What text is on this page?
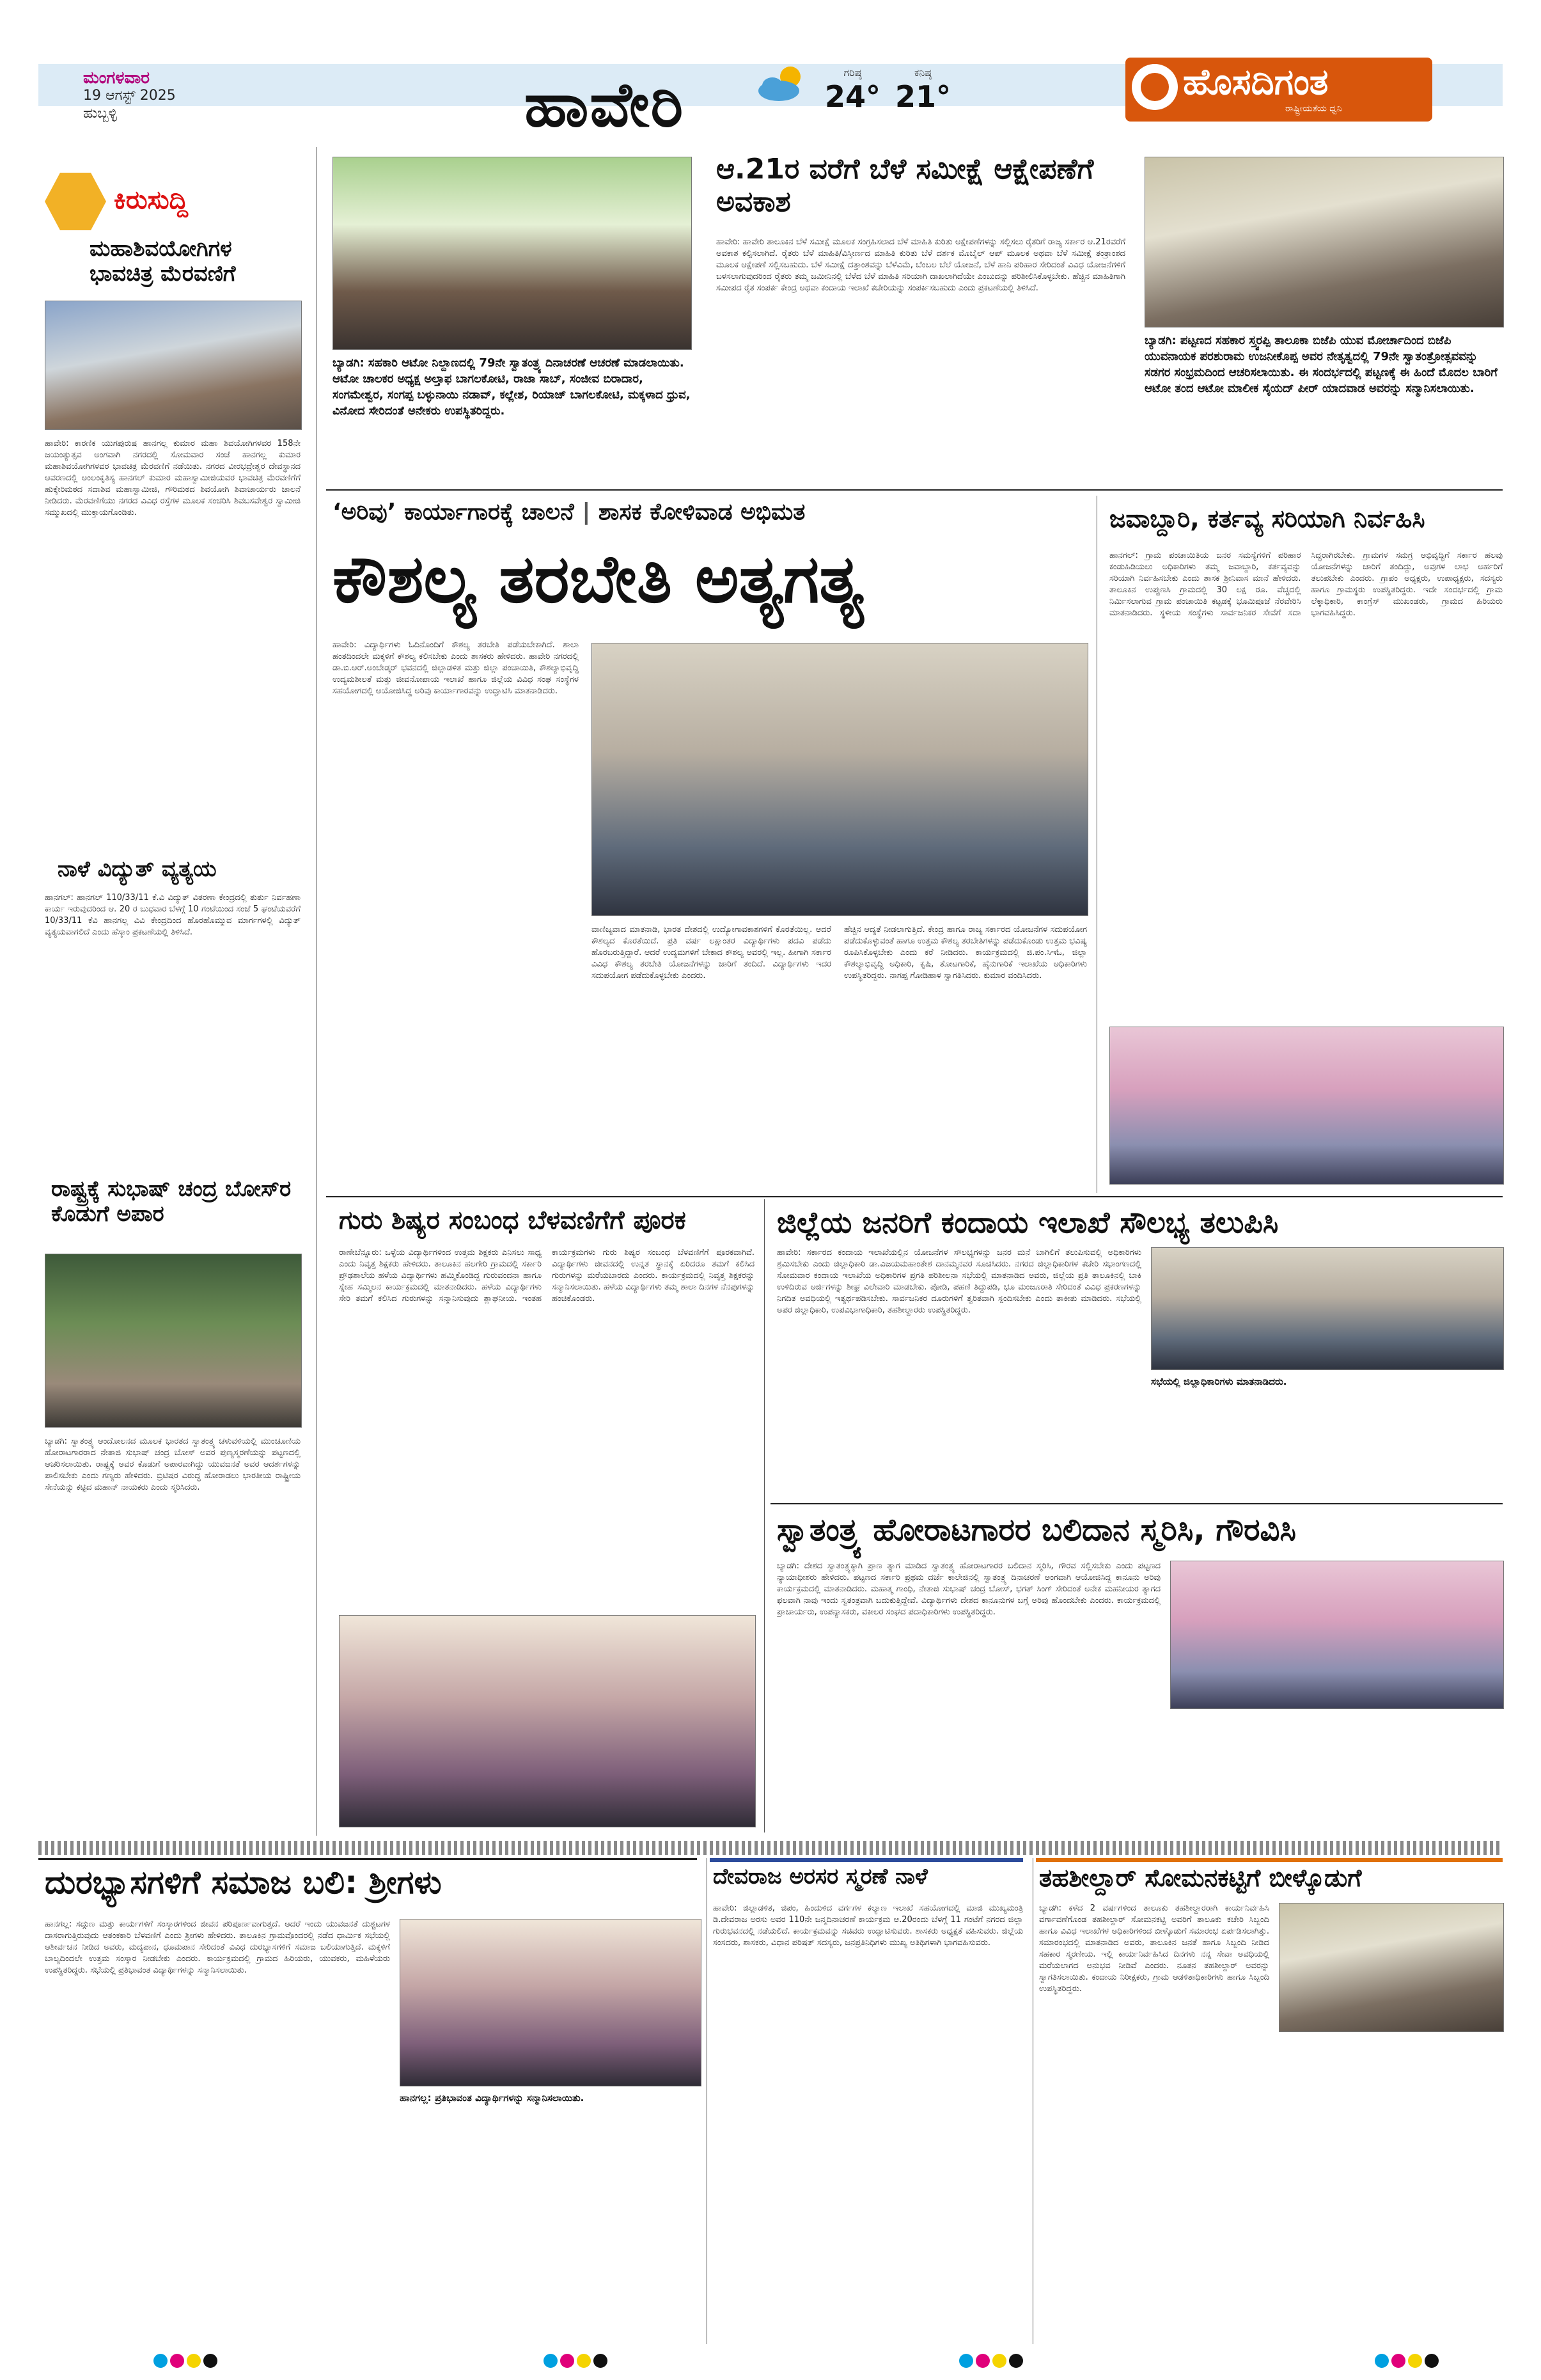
ಮಂಗಳವಾರ
19 ಆಗಸ್ಟ್ 2025
ಹುಬ್ಬಳ್ಳಿ	ಹಾವೇರಿ	ಗರಿಷ್ಠ
24°
ಕನಿಷ್ಠ
21°	ಹೊಸದಿಗಂತ
ರಾಷ್ಟ್ರೀಯತೆಯ ಧ್ವನಿ
ಕಿರುಸುದ್ದಿ
ಮಹಾಶಿವಯೋಗಿಗಳ ಭಾವಚಿತ್ರ ಮೆರವಣಿಗೆ
ಹಾವೇರಿ: ಕಾರಣಿಕ ಯುಗಪುರುಷ ಹಾನಗಲ್ಲ ಕುಮಾರ ಮಹಾ ಶಿವಯೋಗಿಗಳವರ 158ನೇ ಜಯಂತ್ಯುತ್ಸವ ಅಂಗವಾಗಿ ನಗರದಲ್ಲಿ ಸೋಮವಾರ ಸಂಜೆ ಹಾನಗಲ್ಲ ಕುಮಾರ ಮಹಾಶಿವಯೋಗಿಗಳವರ ಭಾವಚಿತ್ರ ಮೆರವಣಿಗೆ ನಡೆಯಿತು. ನಗರದ ವೀರಭದ್ರೇಶ್ವರ ದೇವಸ್ಥಾನದ ಆವರಣದಲ್ಲಿ ಅಂಲಂಕೃತಿಸ್ಯ ಹಾನಗಲ್ ಕುಮಾರ ಮಹಾಸ್ವಾಮೀಜಿಯವರ ಭಾವಚಿತ್ರ ಮೆರವಣಿಗೆಗೆ ಹುಕ್ಕೇರಿಮಠದ ಸದಾಶಿವ ಮಹಾಸ್ವಾಮೀಜಿ, ಗೌರಿಮಠದ ಶಿವಯೋಗಿ ಶಿವಾಚಾರ್ಯರು ಚಾಲನೆ ನೀಡಿದರು. ಮೆರವಣಿಗೆಯು ನಗರದ ವಿವಿಧ ರಸ್ತೆಗಳ ಮೂಲಕ ಸಂಚರಿಸಿ ಶಿವಬಸವೇಶ್ವರ ಸ್ವಾಮೀಜಿ ಸಮ್ಮುಖದಲ್ಲಿ ಮುಕ್ತಾಯಗೊಂಡಿತು.
ನಾಳೆ ವಿದ್ಯುತ್ ವ್ಯತ್ಯಯ
ಹಾನಗಲ್: ಹಾನಗಲ್ 110/33/11 ಕೆ.ವಿ ವಿದ್ಯುತ್ ವಿತರಣಾ ಕೇಂದ್ರದಲ್ಲಿ ತುರ್ತು ನಿರ್ವಹಣಾ ಕಾರ್ಯ ಇರುವುದರಿಂದ ಆ. 20 ರ ಬುಧವಾರ ಬೆಳಗ್ಗೆ 10 ಗಂಟೆಯಿಂದ ಸಂಜೆ 5 ಘಂಟೆಯವರೆಗೆ 10/33/11 ಕೆವಿ ಹಾನಗಲ್ಲ ವಿವಿ ಕೇಂದ್ರದಿಂದ ಹೊರಹೊಮ್ಮುವ ಮಾರ್ಗಗಳಲ್ಲಿ ವಿದ್ಯುತ್ ವ್ಯತ್ಯಯವಾಗಲಿದೆ ಎಂದು ಹೆಸ್ಕಾಂ ಪ್ರಕಟಣೆಯಲ್ಲಿ ತಿಳಿಸಿದೆ.
ರಾಷ್ಟ್ರಕ್ಕೆ ಸುಭಾಷ್ ಚಂದ್ರ ಬೋಸ್‌ರ ಕೊಡುಗೆ ಅಪಾರ
ಬ್ಯಾಡಗಿ: ಸ್ವಾತಂತ್ರ್ಯ ಆಂದೋಲನದ ಮೂಲಕ ಭಾರತದ ಸ್ವಾತಂತ್ರ್ಯ ಚಳುವಳಿಯಲ್ಲಿ ಮುಂಚೂಣಿಯ ಹೋರಾಟಗಾರರಾದ ನೇತಾಜಿ ಸುಭಾಷ್ ಚಂದ್ರ ಬೋಸ್ ಅವರ ಪುಣ್ಯಸ್ಮರಣೆಯನ್ನು ಪಟ್ಟಣದಲ್ಲಿ ಆಚರಿಸಲಾಯಿತು. ರಾಷ್ಟ್ರಕ್ಕೆ ಅವರ ಕೊಡುಗೆ ಅಪಾರವಾಗಿದ್ದು ಯುವಜನತೆ ಅವರ ಆದರ್ಶಗಳನ್ನು ಪಾಲಿಸಬೇಕು ಎಂದು ಗಣ್ಯರು ಹೇಳಿದರು. ಬ್ರಿಟಿಷರ ವಿರುದ್ಧ ಹೋರಾಡಲು ಭಾರತೀಯ ರಾಷ್ಟ್ರೀಯ ಸೇನೆಯನ್ನು ಕಟ್ಟಿದ ಮಹಾನ್ ನಾಯಕರು ಎಂದು ಸ್ಮರಿಸಿದರು.
ಬ್ಯಾಡಗಿ: ಸಹಕಾರಿ ಆಟೋ ನಿಲ್ದಾಣದಲ್ಲಿ 79ನೇ ಸ್ವಾತಂತ್ರ್ಯ ದಿನಾಚರಣೆ ಆಚರಣೆ ಮಾಡಲಾಯಿತು. ಆಟೋ ಚಾಲಕರ ಅಧ್ಯಕ್ಷ ಅಲ್ತಾಫ ಬಾಗಲಕೋಟಿ, ರಾಜಾ ಸಾಬ್, ಸಂಜೀವ ಬಿರಾದಾರ, ಸಂಗಮೇಶ್ವರ, ಸಂಗಪ್ಪ ಬಳ್ಳುನಾಯಿ ನಡಾವ್, ಕಲ್ಲೇಶ, ರಿಯಾಜ್ ಬಾಗಲಕೋಟಿ, ಮಕ್ಕಳಾದ ಧ್ರುವ, ವಿನೋದ ಸೇರಿದಂತೆ ಅನೇಕರು ಉಪಸ್ಥಿತರಿದ್ದರು.
ಆ.21ರ ವರೆಗೆ ಬೆಳೆ ಸಮೀಕ್ಷೆ ಆಕ್ಷೇಪಣೆಗೆ ಅವಕಾಶ
ಹಾವೇರಿ: ಹಾವೇರಿ ತಾಲೂಕಿನ ಬೆಳೆ ಸಮೀಕ್ಷೆ ಮೂಲಕ ಸಂಗ್ರಹಿಸಲಾದ ಬೆಳೆ ಮಾಹಿತಿ ಕುರಿತು ಆಕ್ಷೇಪಣೆಗಳನ್ನು ಸಲ್ಲಿಸಲು ರೈತರಿಗೆ ರಾಜ್ಯ ಸರ್ಕಾರ ಆ.21ರವರೆಗೆ ಅವಕಾಶ ಕಲ್ಪಿಸಲಾಗಿದೆ. ರೈತರು ಬೆಳೆ ಮಾಹಿತಿ/ವಿಸ್ತೀರ್ಣದ ಮಾಹಿತಿ ಕುರಿತು ಬೆಳೆ ದರ್ಶಕ ಮೊಬೈಲ್ ಆಪ್ ಮೂಲಕ ಅಥವಾ ಬೆಳೆ ಸಮೀಕ್ಷೆ ತಂತ್ರಾಂಶದ ಮೂಲಕ ಆಕ್ಷೇಪಣೆ ಸಲ್ಲಿಸಬಹುದು. ಬೆಳೆ ಸಮೀಕ್ಷೆ ದತ್ತಾಂಶವನ್ನು ಬೆಳೆವಿಮೆ, ಬೆಂಬಲ ಬೆಲೆ ಯೋಜನೆ, ಬೆಳೆ ಹಾನಿ ಪರಿಹಾರ ಸೇರಿದಂತೆ ವಿವಿಧ ಯೋಜನೆಗಳಿಗೆ ಬಳಸಲಾಗುವುದರಿಂದ ರೈತರು ತಮ್ಮ ಜಮೀನಿನಲ್ಲಿ ಬೆಳೆದ ಬೆಳೆ ಮಾಹಿತಿ ಸರಿಯಾಗಿ ದಾಖಲಾಗಿದೆಯೇ ಎಂಬುದನ್ನು ಪರಿಶೀಲಿಸಿಕೊಳ್ಳಬೇಕು. ಹೆಚ್ಚಿನ ಮಾಹಿತಿಗಾಗಿ ಸಮೀಪದ ರೈತ ಸಂಪರ್ಕ ಕೇಂದ್ರ ಅಥವಾ ಕಂದಾಯ ಇಲಾಖೆ ಕಚೇರಿಯನ್ನು ಸಂಪರ್ಕಿಸಬಹುದು ಎಂದು ಪ್ರಕಟಣೆಯಲ್ಲಿ ತಿಳಿಸಿದೆ.
ಬ್ಯಾಡಗಿ: ಪಟ್ಟಣದ ಸಹಕಾರ ಸ್ತ್ವರಪ್ಪಿ ತಾಲೂಕಾ ಬಿಜೆಪಿ ಯುವ ಮೋರ್ಚಾದಿಂದ ಬಿಜೆಪಿ ಯುವನಾಯಕ ಪರಶುರಾಮ ಉಜನೀಕೊಪ್ಪ ಅವರ ನೇತೃತ್ವದಲ್ಲಿ 79ನೇ ಸ್ವಾತಂತ್ರೋತ್ಸವವನ್ನು ಸಡಗರ ಸಂಭ್ರಮದಿಂದ ಆಚರಿಸಲಾಯಿತು. ಈ ಸಂದರ್ಭದಲ್ಲಿ ಪಟ್ಟಣಕ್ಕೆ ಈ ಹಿಂದೆ ಮೊದಲ ಬಾರಿಗೆ ಆಟೋ ತಂದ ಆಟೋ ಮಾಲೀಕ ಸೈಯದ್ ಪೀರ್ ಯಾದವಾಡ ಅವರನ್ನು ಸನ್ಮಾನಿಸಲಾಯಿತು.
‘ಅರಿವು’ ಕಾರ್ಯಾಗಾರಕ್ಕೆ ಚಾಲನೆ | ಶಾಸಕ ಕೋಳಿವಾಡ ಅಭಿಮತ
ಕೌಶಲ್ಯ ತರಬೇತಿ ಅತ್ಯಗತ್ಯ
ಹಾವೇರಿ: ವಿದ್ಯಾರ್ಥಿಗಳು ಓದಿನೊಂದಿಗೆ ಕೌಶಲ್ಯ ತರಬೇತಿ ಪಡೆಯಬೇಕಾಗಿದೆ. ಶಾಲಾ ಹಂತದಿಂದಲೇ ಮಕ್ಕಳಿಗೆ ಕೌಶಲ್ಯ ಕಲಿಸಬೇಕು ಎಂದು ಶಾಸಕರು ಹೇಳಿದರು. ಹಾವೇರಿ ನಗರದಲ್ಲಿ ಡಾ.ಬಿ.ಆರ್.ಅಂಬೇಡ್ಕರ್ ಭವನದಲ್ಲಿ ಜಿಲ್ಲಾಡಳಿತ ಮತ್ತು ಜಿಲ್ಲಾ ಪಂಚಾಯಿತಿ, ಕೌಶಲ್ಯಾಭಿವೃದ್ಧಿ ಉದ್ಯಮಶೀಲತೆ ಮತ್ತು ಜೀವನೋಪಾಯ ಇಲಾಖೆ ಹಾಗೂ ಜಿಲ್ಲೆಯ ವಿವಿಧ ಸಂಘ ಸಂಸ್ಥೆಗಳ ಸಹಯೋಗದಲ್ಲಿ ಆಯೋಜಿಸಿದ್ದ ಅರಿವು ಕಾರ್ಯಾಗಾರವನ್ನು ಉದ್ಘಾಟಿಸಿ ಮಾತನಾಡಿದರು.
ವಾಣಿಜ್ಯವಾದ ಮಾತನಾಡಿ, ಭಾರತ ದೇಶದಲ್ಲಿ ಉದ್ಯೋಗಾವಕಾಶಗಳಿಗೆ ಕೊರತೆಯಿಲ್ಲ. ಆದರೆ ಕೌಶಲ್ಯದ ಕೊರತೆಯಿದೆ. ಪ್ರತಿ ವರ್ಷ ಲಕ್ಷಾಂತರ ವಿದ್ಯಾರ್ಥಿಗಳು ಪದವಿ ಪಡೆದು ಹೊರಬರುತ್ತಿದ್ದಾರೆ. ಆದರೆ ಉದ್ಯಮಗಳಿಗೆ ಬೇಕಾದ ಕೌಶಲ್ಯ ಅವರಲ್ಲಿ ಇಲ್ಲ. ಹೀಗಾಗಿ ಸರ್ಕಾರ ವಿವಿಧ ಕೌಶಲ್ಯ ತರಬೇತಿ ಯೋಜನೆಗಳನ್ನು ಜಾರಿಗೆ ತಂದಿದೆ. ವಿದ್ಯಾರ್ಥಿಗಳು ಇದರ ಸದುಪಯೋಗ ಪಡೆದುಕೊಳ್ಳಬೇಕು ಎಂದರು.
ಹೆಚ್ಚಿನ ಆದ್ಯತೆ ನೀಡಲಾಗುತ್ತಿದೆ. ಕೇಂದ್ರ ಹಾಗೂ ರಾಜ್ಯ ಸರ್ಕಾರದ ಯೋಜನೆಗಳ ಸದುಪಯೋಗ ಪಡೆದುಕೊಳ್ಳುವಂತೆ ಹಾಗೂ ಉತ್ತಮ ಕೌಶಲ್ಯ ತರಬೇತಿಗಳನ್ನು ಪಡೆದುಕೊಂಡು ಉತ್ತಮ ಭವಿಷ್ಯ ರೂಪಿಸಿಕೊಳ್ಳಬೇಕು ಎಂದು ಕರೆ ನೀಡಿದರು. ಕಾರ್ಯಕ್ರಮದಲ್ಲಿ ಜಿ.ಪಂ.ಸಿಇಓ, ಜಿಲ್ಲಾ ಕೌಶಲ್ಯಾಭಿವೃದ್ಧಿ ಅಧಿಕಾರಿ, ಕೃಷಿ, ತೋಟಗಾರಿಕೆ, ಹೈನುಗಾರಿಕೆ ಇಲಾಖೆಯ ಅಧಿಕಾರಿಗಳು ಉಪಸ್ಥಿತರಿದ್ದರು. ನಾಗಪ್ಪ ಗೋಡಿಹಾಳ ಸ್ವಾಗತಿಸಿದರು. ಕುಮಾರ ವಂದಿಸಿದರು.
ಜವಾಬ್ದಾರಿ, ಕರ್ತವ್ಯ ಸರಿಯಾಗಿ ನಿರ್ವಹಿಸಿ
ಹಾನಗಲ್: ಗ್ರಾಮ ಪಂಚಾಯಿತಿಯ ಜನರ ಸಮಸ್ಯೆಗಳಿಗೆ ಪರಿಹಾರ ಕಂಡುಹಿಡಿಯಲು ಅಧಿಕಾರಿಗಳು ತಮ್ಮ ಜವಾಬ್ದಾರಿ, ಕರ್ತವ್ಯವನ್ನು ಸರಿಯಾಗಿ ನಿರ್ವಹಿಸಬೇಕು ಎಂದು ಶಾಸಕ ಶ್ರೀನಿವಾಸ ಮಾನೆ ಹೇಳಿದರು. ತಾಲೂಕಿನ ಉಪ್ಪುಣಸಿ ಗ್ರಾಮದಲ್ಲಿ 30 ಲಕ್ಷ ರೂ. ವೆಚ್ಚದಲ್ಲಿ ನಿರ್ಮಿಸಲಾಗುವ ಗ್ರಾಮ ಪಂಚಾಯಿತಿ ಕಟ್ಟಡಕ್ಕೆ ಭೂಮಿಪೂಜೆ ನೆರವೇರಿಸಿ ಮಾತನಾಡಿದರು. ಸ್ಥಳೀಯ ಸಂಸ್ಥೆಗಳು ಸಾರ್ವಜನಿಕರ ಸೇವೆಗೆ ಸದಾ ಸಿದ್ಧರಾಗಿರಬೇಕು. ಗ್ರಾಮಗಳ ಸಮಗ್ರ ಅಭಿವೃದ್ಧಿಗೆ ಸರ್ಕಾರ ಹಲವು ಯೋಜನೆಗಳನ್ನು ಜಾರಿಗೆ ತಂದಿದ್ದು, ಅವುಗಳ ಲಾಭ ಅರ್ಹರಿಗೆ ತಲುಪಬೇಕು ಎಂದರು. ಗ್ರಾಪಂ ಅಧ್ಯಕ್ಷರು, ಉಪಾಧ್ಯಕ್ಷರು, ಸದಸ್ಯರು ಹಾಗೂ ಗ್ರಾಮಸ್ಥರು ಉಪಸ್ಥಿತರಿದ್ದರು. ಇದೇ ಸಂದರ್ಭದಲ್ಲಿ ಗ್ರಾಮ ಲೆಕ್ಕಾಧಿಕಾರಿ, ಕಾಂಗ್ರೆಸ್ ಮುಖಂಡರು, ಗ್ರಾಮದ ಹಿರಿಯರು ಭಾಗವಹಿಸಿದ್ದರು.
ಗುರು ಶಿಷ್ಯರ ಸಂಬಂಧ ಬೆಳವಣಿಗೆಗೆ ಪೂರಕ
ರಾಣೇಬೆನ್ನೂರು: ಒಳ್ಳೆಯ ವಿದ್ಯಾರ್ಥಿಗಳಿಂದ ಉತ್ತಮ ಶಿಕ್ಷಕರು ಎನಿಸಲು ಸಾಧ್ಯ ಎಂದು ನಿವೃತ್ತ ಶಿಕ್ಷಕರು ಹೇಳಿದರು. ತಾಲೂಕಿನ ಹಲಗೇರಿ ಗ್ರಾಮದಲ್ಲಿ ಸರ್ಕಾರಿ ಪ್ರೌಢಶಾಲೆಯ ಹಳೆಯ ವಿದ್ಯಾರ್ಥಿಗಳು ಹಮ್ಮಿಕೊಂಡಿದ್ದ ಗುರುವಂದನಾ ಹಾಗೂ ಸ್ನೇಹ ಸಮ್ಮಿಲನ ಕಾರ್ಯಕ್ರಮದಲ್ಲಿ ಮಾತನಾಡಿದರು. ಹಳೆಯ ವಿದ್ಯಾರ್ಥಿಗಳು ಸೇರಿ ತಮಗೆ ಕಲಿಸಿದ ಗುರುಗಳನ್ನು ಸನ್ಮಾನಿಸುವುದು ಶ್ಲಾಘನೀಯ. ಇಂತಹ ಕಾರ್ಯಕ್ರಮಗಳು ಗುರು ಶಿಷ್ಯರ ಸಂಬಂಧ ಬೆಳವಣಿಗೆಗೆ ಪೂರಕವಾಗಿವೆ. ವಿದ್ಯಾರ್ಥಿಗಳು ಜೀವನದಲ್ಲಿ ಉನ್ನತ ಸ್ಥಾನಕ್ಕೆ ಏರಿದರೂ ತಮಗೆ ಕಲಿಸಿದ ಗುರುಗಳನ್ನು ಮರೆಯಬಾರದು ಎಂದರು. ಕಾರ್ಯಕ್ರಮದಲ್ಲಿ ನಿವೃತ್ತ ಶಿಕ್ಷಕರನ್ನು ಸನ್ಮಾನಿಸಲಾಯಿತು. ಹಳೆಯ ವಿದ್ಯಾರ್ಥಿಗಳು ತಮ್ಮ ಶಾಲಾ ದಿನಗಳ ನೆನಪುಗಳನ್ನು ಹಂಚಿಕೊಂಡರು.
ಜಿಲ್ಲೆಯ ಜನರಿಗೆ ಕಂದಾಯ ಇಲಾಖೆ ಸೌಲಭ್ಯ ತಲುಪಿಸಿ
ಹಾವೇರಿ: ಸರ್ಕಾರದ ಕಂದಾಯ ಇಲಾಖೆಯಲ್ಲಿನ ಯೋಜನೆಗಳ ಸೌಲಭ್ಯಗಳನ್ನು ಜನರ ಮನೆ ಬಾಗಿಲಿಗೆ ತಲುಪಿಸುವಲ್ಲಿ ಅಧಿಕಾರಿಗಳು ಶ್ರಮಿಸಬೇಕು ಎಂದು ಜಿಲ್ಲಾಧಿಕಾರಿ ಡಾ.ವಿಜಯಮಹಾಂತೇಶ ದಾನಮ್ಮನವರ ಸೂಚಿಸಿದರು. ನಗರದ ಜಿಲ್ಲಾಧಿಕಾರಿಗಳ ಕಚೇರಿ ಸಭಾಂಗಣದಲ್ಲಿ ಸೋಮವಾರ ಕಂದಾಯ ಇಲಾಖೆಯ ಅಧಿಕಾರಿಗಳ ಪ್ರಗತಿ ಪರಿಶೀಲನಾ ಸಭೆಯಲ್ಲಿ ಮಾತನಾಡಿದ ಅವರು, ಜಿಲ್ಲೆಯ ಪ್ರತಿ ತಾಲೂಕಿನಲ್ಲಿ ಬಾಕಿ ಉಳಿದಿರುವ ಅರ್ಜಿಗಳನ್ನು ಶೀಘ್ರ ವಿಲೇವಾರಿ ಮಾಡಬೇಕು. ಪೋಡಿ, ಪಹಣಿ ತಿದ್ದುಪಡಿ, ಭೂ ಮಂಜೂರಾತಿ ಸೇರಿದಂತೆ ವಿವಿಧ ಪ್ರಕರಣಗಳನ್ನು ನಿಗದಿತ ಅವಧಿಯಲ್ಲಿ ಇತ್ಯರ್ಥಪಡಿಸಬೇಕು. ಸಾರ್ವಜನಿಕರ ದೂರುಗಳಿಗೆ ತ್ವರಿತವಾಗಿ ಸ್ಪಂದಿಸಬೇಕು ಎಂದು ತಾಕೀತು ಮಾಡಿದರು. ಸಭೆಯಲ್ಲಿ ಅಪರ ಜಿಲ್ಲಾಧಿಕಾರಿ, ಉಪವಿಭಾಗಾಧಿಕಾರಿ, ತಹಶೀಲ್ದಾರರು ಉಪಸ್ಥಿತರಿದ್ದರು.
ಸಭೆಯಲ್ಲಿ ಜಿಲ್ಲಾಧಿಕಾರಿಗಳು ಮಾತನಾಡಿದರು.
ಸ್ವಾತಂತ್ರ್ಯ ಹೋರಾಟಗಾರರ ಬಲಿದಾನ ಸ್ಮರಿಸಿ, ಗೌರವಿಸಿ
ಬ್ಯಾಡಗಿ: ದೇಶದ ಸ್ವಾತಂತ್ರ್ಯಕ್ಕಾಗಿ ಪ್ರಾಣ ತ್ಯಾಗ ಮಾಡಿದ ಸ್ವಾತಂತ್ರ್ಯ ಹೋರಾಟಗಾರರ ಬಲಿದಾನ ಸ್ಮರಿಸಿ, ಗೌರವ ಸಲ್ಲಿಸಬೇಕು ಎಂದು ಪಟ್ಟಣದ ನ್ಯಾಯಾಧೀಶರು ಹೇಳಿದರು. ಪಟ್ಟಣದ ಸರ್ಕಾರಿ ಪ್ರಥಮ ದರ್ಜೆ ಕಾಲೇಜಿನಲ್ಲಿ ಸ್ವಾತಂತ್ರ್ಯ ದಿನಾಚರಣೆ ಅಂಗವಾಗಿ ಆಯೋಜಿಸಿದ್ದ ಕಾನೂನು ಅರಿವು ಕಾರ್ಯಕ್ರಮದಲ್ಲಿ ಮಾತನಾಡಿದರು. ಮಹಾತ್ಮ ಗಾಂಧಿ, ನೇತಾಜಿ ಸುಭಾಷ್ ಚಂದ್ರ ಬೋಸ್, ಭಗತ್ ಸಿಂಗ್ ಸೇರಿದಂತೆ ಅನೇಕ ಮಹನೀಯರ ತ್ಯಾಗದ ಫಲವಾಗಿ ನಾವು ಇಂದು ಸ್ವತಂತ್ರವಾಗಿ ಬದುಕುತ್ತಿದ್ದೇವೆ. ವಿದ್ಯಾರ್ಥಿಗಳು ದೇಶದ ಕಾನೂನುಗಳ ಬಗ್ಗೆ ಅರಿವು ಹೊಂದಬೇಕು ಎಂದರು. ಕಾರ್ಯಕ್ರಮದಲ್ಲಿ ಪ್ರಾಚಾರ್ಯರು, ಉಪನ್ಯಾಸಕರು, ವಕೀಲರ ಸಂಘದ ಪದಾಧಿಕಾರಿಗಳು ಉಪಸ್ಥಿತರಿದ್ದರು.
ದುರಭ್ಯಾಸಗಳಿಗೆ ಸಮಾಜ ಬಲಿ: ಶ್ರೀಗಳು
ಹಾನಗಲ್ಲ: ಸದ್ಗುಣ ಮತ್ತು ಕಾರ್ಯಗಳಿಗೆ ಸಂಸ್ಕಾರಗಳಿಂದ ಜೀವನ ಪರಿಪೂರ್ಣವಾಗುತ್ತದೆ. ಆದರೆ ಇಂದು ಯುವಜನತೆ ದುಶ್ಚಟಗಳ ದಾಸರಾಗುತ್ತಿರುವುದು ಆತಂಕಕಾರಿ ಬೆಳವಣಿಗೆ ಎಂದು ಶ್ರೀಗಳು ಹೇಳಿದರು. ತಾಲೂಕಿನ ಗ್ರಾಮವೊಂದರಲ್ಲಿ ನಡೆದ ಧಾರ್ಮಿಕ ಸಭೆಯಲ್ಲಿ ಆಶೀರ್ವಚನ ನೀಡಿದ ಅವರು, ಮದ್ಯಪಾನ, ಧೂಮಪಾನ ಸೇರಿದಂತೆ ವಿವಿಧ ದುರಭ್ಯಾಸಗಳಿಗೆ ಸಮಾಜ ಬಲಿಯಾಗುತ್ತಿದೆ. ಮಕ್ಕಳಿಗೆ ಬಾಲ್ಯದಿಂದಲೇ ಉತ್ತಮ ಸಂಸ್ಕಾರ ನೀಡಬೇಕು ಎಂದರು. ಕಾರ್ಯಕ್ರಮದಲ್ಲಿ ಗ್ರಾಮದ ಹಿರಿಯರು, ಯುವಕರು, ಮಹಿಳೆಯರು ಉಪಸ್ಥಿತರಿದ್ದರು. ಸಭೆಯಲ್ಲಿ ಪ್ರತಿಭಾವಂತ ವಿದ್ಯಾರ್ಥಿಗಳನ್ನು ಸನ್ಮಾನಿಸಲಾಯಿತು.
ಹಾನಗಲ್ಲ: ಪ್ರತಿಭಾವಂತ ವಿದ್ಯಾರ್ಥಿಗಳನ್ನು ಸನ್ಮಾನಿಸಲಾಯಿತು.
ದೇವರಾಜ ಅರಸರ ಸ್ಮರಣೆ ನಾಳೆ
ಹಾವೇರಿ: ಜಿಲ್ಲಾಡಳಿತ, ಜಿಪಂ, ಹಿಂದುಳಿದ ವರ್ಗಗಳ ಕಲ್ಯಾಣ ಇಲಾಖೆ ಸಹಯೋಗದಲ್ಲಿ ಮಾಜಿ ಮುಖ್ಯಮಂತ್ರಿ ಡಿ.ದೇವರಾಜ ಅರಸು ಅವರ 110ನೇ ಜನ್ಮದಿನಾಚರಣೆ ಕಾರ್ಯಕ್ರಮ ಆ.20ರಂದು ಬೆಳಗ್ಗೆ 11 ಗಂಟೆಗೆ ನಗರದ ಜಿಲ್ಲಾ ಗುರುಭವನದಲ್ಲಿ ನಡೆಯಲಿದೆ. ಕಾರ್ಯಕ್ರಮವನ್ನು ಸಚಿವರು ಉದ್ಘಾಟಿಸುವರು. ಶಾಸಕರು ಅಧ್ಯಕ್ಷತೆ ವಹಿಸುವರು. ಜಿಲ್ಲೆಯ ಸಂಸದರು, ಶಾಸಕರು, ವಿಧಾನ ಪರಿಷತ್ ಸದಸ್ಯರು, ಜನಪ್ರತಿನಿಧಿಗಳು ಮುಖ್ಯ ಅತಿಥಿಗಳಾಗಿ ಭಾಗವಹಿಸುವರು.
ತಹಶೀಲ್ದಾರ್ ಸೋಮನಕಟ್ಟಿಗೆ ಬೀಳ್ಕೊಡುಗೆ
ಬ್ಯಾಡಗಿ: ಕಳೆದ 2 ವರ್ಷಗಳಿಂದ ತಾಲೂಕು ತಹಶೀಲ್ದಾರರಾಗಿ ಕಾರ್ಯನಿರ್ವಹಿಸಿ ವರ್ಗಾವಣೆಗೊಂಡ ತಹಶೀಲ್ದಾರ್ ಸೋಮನಕಟ್ಟಿ ಅವರಿಗೆ ತಾಲೂಕು ಕಚೇರಿ ಸಿಬ್ಬಂದಿ ಹಾಗೂ ವಿವಿಧ ಇಲಾಖೆಗಳ ಅಧಿಕಾರಿಗಳಿಂದ ಬೀಳ್ಕೊಡುಗೆ ಸಮಾರಂಭ ಏರ್ಪಡಿಸಲಾಗಿತ್ತು. ಸಮಾರಂಭದಲ್ಲಿ ಮಾತನಾಡಿದ ಅವರು, ತಾಲೂಕಿನ ಜನತೆ ಹಾಗೂ ಸಿಬ್ಬಂದಿ ನೀಡಿದ ಸಹಕಾರ ಸ್ಮರಣೀಯ. ಇಲ್ಲಿ ಕಾರ್ಯನಿರ್ವಹಿಸಿದ ದಿನಗಳು ನನ್ನ ಸೇವಾ ಅವಧಿಯಲ್ಲಿ ಮರೆಯಲಾಗದ ಅನುಭವ ನೀಡಿವೆ ಎಂದರು. ನೂತನ ತಹಶೀಲ್ದಾರ್ ಅವರನ್ನು ಸ್ವಾಗತಿಸಲಾಯಿತು. ಕಂದಾಯ ನಿರೀಕ್ಷಕರು, ಗ್ರಾಮ ಆಡಳಿತಾಧಿಕಾರಿಗಳು ಹಾಗೂ ಸಿಬ್ಬಂದಿ ಉಪಸ್ಥಿತರಿದ್ದರು.
